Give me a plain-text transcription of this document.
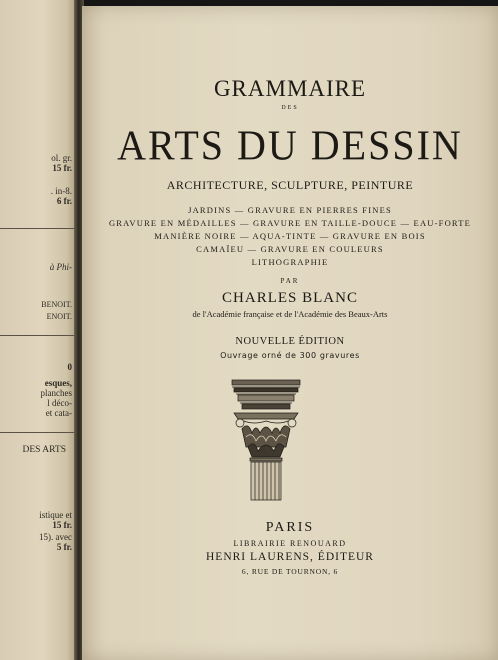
ol. gr.

15 fr.

. in-8.

6 fr.

à Phi-

BENOIT.

ENOIT.

0

esques,

planches

l déco-

et cata-

DES ARTS

istique et

15 fr.

15). avec

5 fr.

GRAMMAIRE

DES

ARTS DU DESSIN

ARCHITECTURE, SCULPTURE, PEINTURE

JARDINS — GRAVURE EN PIERRES FINES

GRAVURE EN MÉDAILLES — GRAVURE EN TAILLE-DOUCE — EAU-FORTE

MANIÈRE NOIRE — AQUA-TINTE — GRAVURE EN BOIS

CAMAÏEU — GRAVURE EN COULEURS

LITHOGRAPHIE

PAR

CHARLES BLANC

de l'Académie française et de l'Académie des Beaux-Arts

NOUVELLE ÉDITION

Ouvrage orné de 300 gravures

PARIS

LIBRAIRIE RENOUARD

HENRI LAURENS, ÉDITEUR

6, RUE DE TOURNON, 6
